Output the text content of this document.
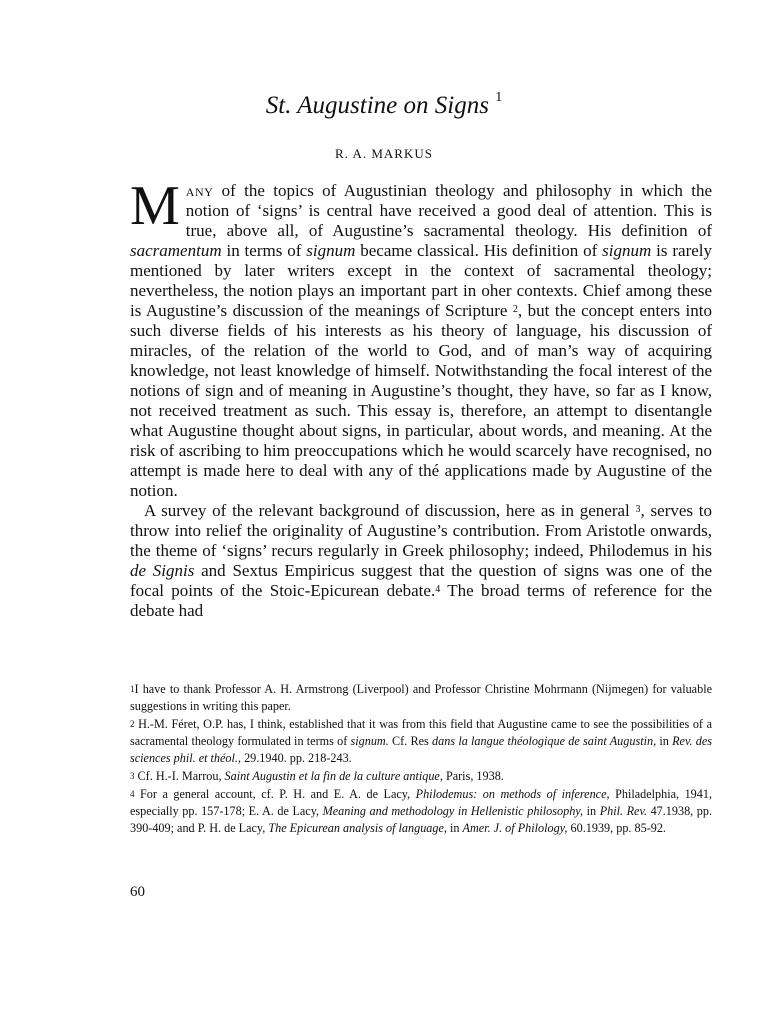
St. Augustine on Signs $^1$
R. A. MARKUS

Many of the topics of Augustinian theology and philosophy in which the notion of ‘signs’ is central have received a good deal of attention. This is true, above all, of Augustine’s sacramental theology. His definition of sacramentum in terms of signum became classical. His definition of signum is rarely mentioned by later writers except in the context of sacramental theology; nevertheless, the notion plays an important part in oher contexts. Chief among these is Augustine’s discussion of the meanings of Scripture $^2$, but the concept enters into such diverse fields of his interests as his theory of language, his discussion of miracles, of the relation of the world to God, and of man’s way of acquiring knowledge, not least knowledge of himself. Notwithstanding the focal interest of the notions of sign and of meaning in Augustine’s thought, they have, so far as I know, not received treatment as such. This essay is, therefore, an attempt to disentangle what Augustine thought about signs, in particular, about words, and meaning. At the risk of ascribing to him preoccupations which he would scarcely have recognised, no attempt is made here to deal with any of thé applications made by Augustine of the notion.

A survey of the relevant background of discussion, here as in general $^3$, serves to throw into relief the originality of Augustine’s contribution. From Aristotle onwards, the theme of ‘signs’ recurs regularly in Greek philosophy; indeed, Philodemus in his de Signis and Sextus Empiricus suggest that the question of signs was one of the focal points of the Stoic-Epicurean debate.$^4$ The broad terms of reference for the debate had

$^1$I have to thank Professor A. H. Armstrong (Liverpool) and Professor Christine Mohrmann (Nijmegen) for valuable suggestions in writing this paper.

$^2$ H.-M. Féret, O.P. has, I think, established that it was from this field that Augustine came to see the possibilities of a sacramental theology formulated in terms of signum. Cf. Res dans la langue théologique de saint Augustin, in Rev. des sciences phil. et théol., 29.1940. pp. 218-243.

$^3$ Cf. H.-I. Marrou, Saint Augustin et la fin de la culture antique, Paris, 1938.

$^4$ For a general account, cf. P. H. and E. A. de Lacy, Philodemus: on methods of inference, Philadelphia, 1941, especially pp. 157-178; E. A. de Lacy, Meaning and methodology in Hellenistic philosophy, in Phil. Rev. 47.1938, pp. 390-409; and P. H. de Lacy, The Epicurean analysis of language, in Amer. J. of Philology, 60.1939, pp. 85-92.

60
